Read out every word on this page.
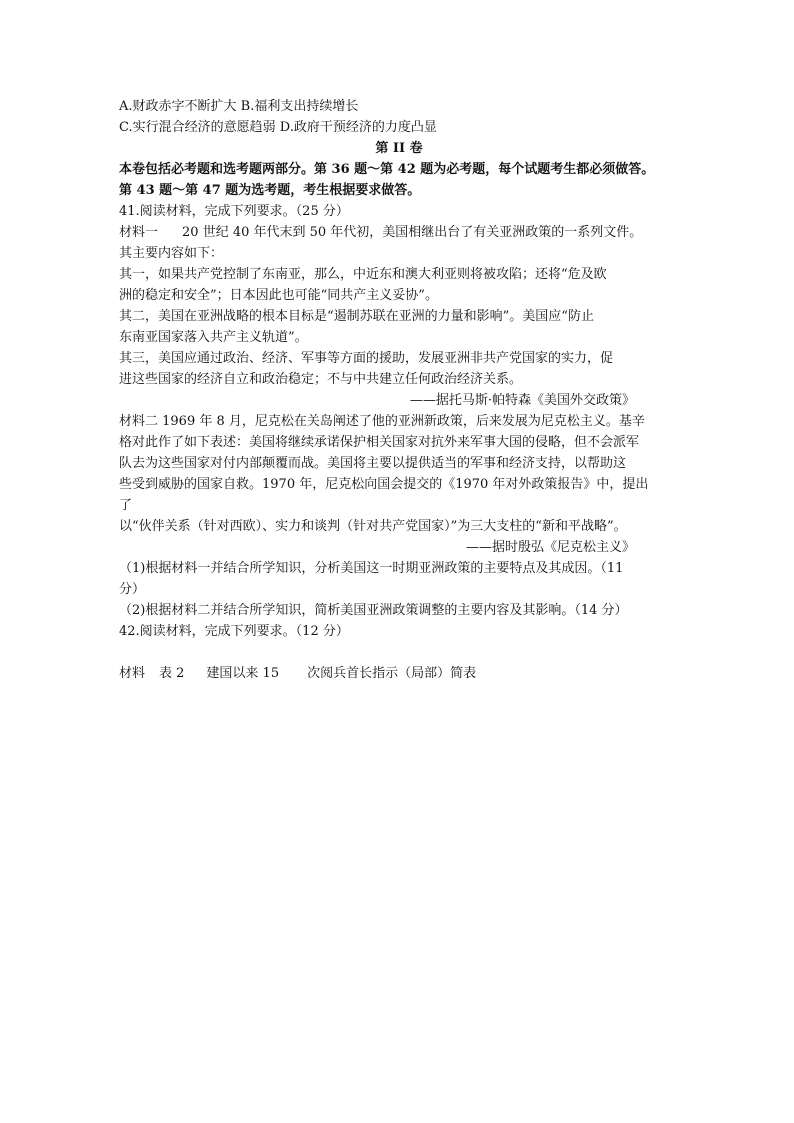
A.财政赤字不断扩大 B.福利支出持续增长
C.实行混合经济的意愿趋弱 D.政府干预经济的力度凸显
第 II 卷
本卷包括必考题和选考题两部分。第 36 题～第 42 题为必考题，每个试题考生都必须做答。
第 43 题～第 47 题为选考题，考生根据要求做答。
41.阅读材料，完成下列要求。（25 分）
材料一 20 世纪 40 年代末到 50 年代初，美国相继出台了有关亚洲政策的一系列文件。
其主要内容如下：
其一，如果共产党控制了东南亚，那么，中近东和澳大利亚则将被攻陷；还将“危及欧
洲的稳定和安全”；日本因此也可能“同共产主义妥协”。
其二，美国在亚洲战略的根本目标是“遏制苏联在亚洲的力量和影响”。美国应“防止
东南亚国家落入共产主义轨道”。
其三，美国应通过政治、经济、军事等方面的援助，发展亚洲非共产党国家的实力，促
进这些国家的经济自立和政治稳定；不与中共建立任何政治经济关系。
——据托马斯·帕特森《美国外交政策》
材料二 1969 年 8 月，尼克松在关岛阐述了他的亚洲新政策，后来发展为尼克松主义。基辛
格对此作了如下表述：美国将继续承诺保护相关国家对抗外来军事大国的侵略，但不会派军
队去为这些国家对付内部颠覆而战。美国将主要以提供适当的军事和经济支持，以帮助这
些受到威胁的国家自救。1970 年，尼克松向国会提交的《1970 年对外政策报告》中，提出
了
以“伙伴关系（针对西欧）、实力和谈判（针对共产党国家）”为三大支柱的“新和平战略”。
——据时殷弘《尼克松主义》
（1)根据材料一并结合所学知识，分析美国这一时期亚洲政策的主要特点及其成因。（11
分）
（2)根据材料二并结合所学知识，简析美国亚洲政策调整的主要内容及其影响。（14 分）
42.阅读材料，完成下列要求。（12 分）
材料 表 2 建国以来 15 次阅兵首长指示（局部）简表
